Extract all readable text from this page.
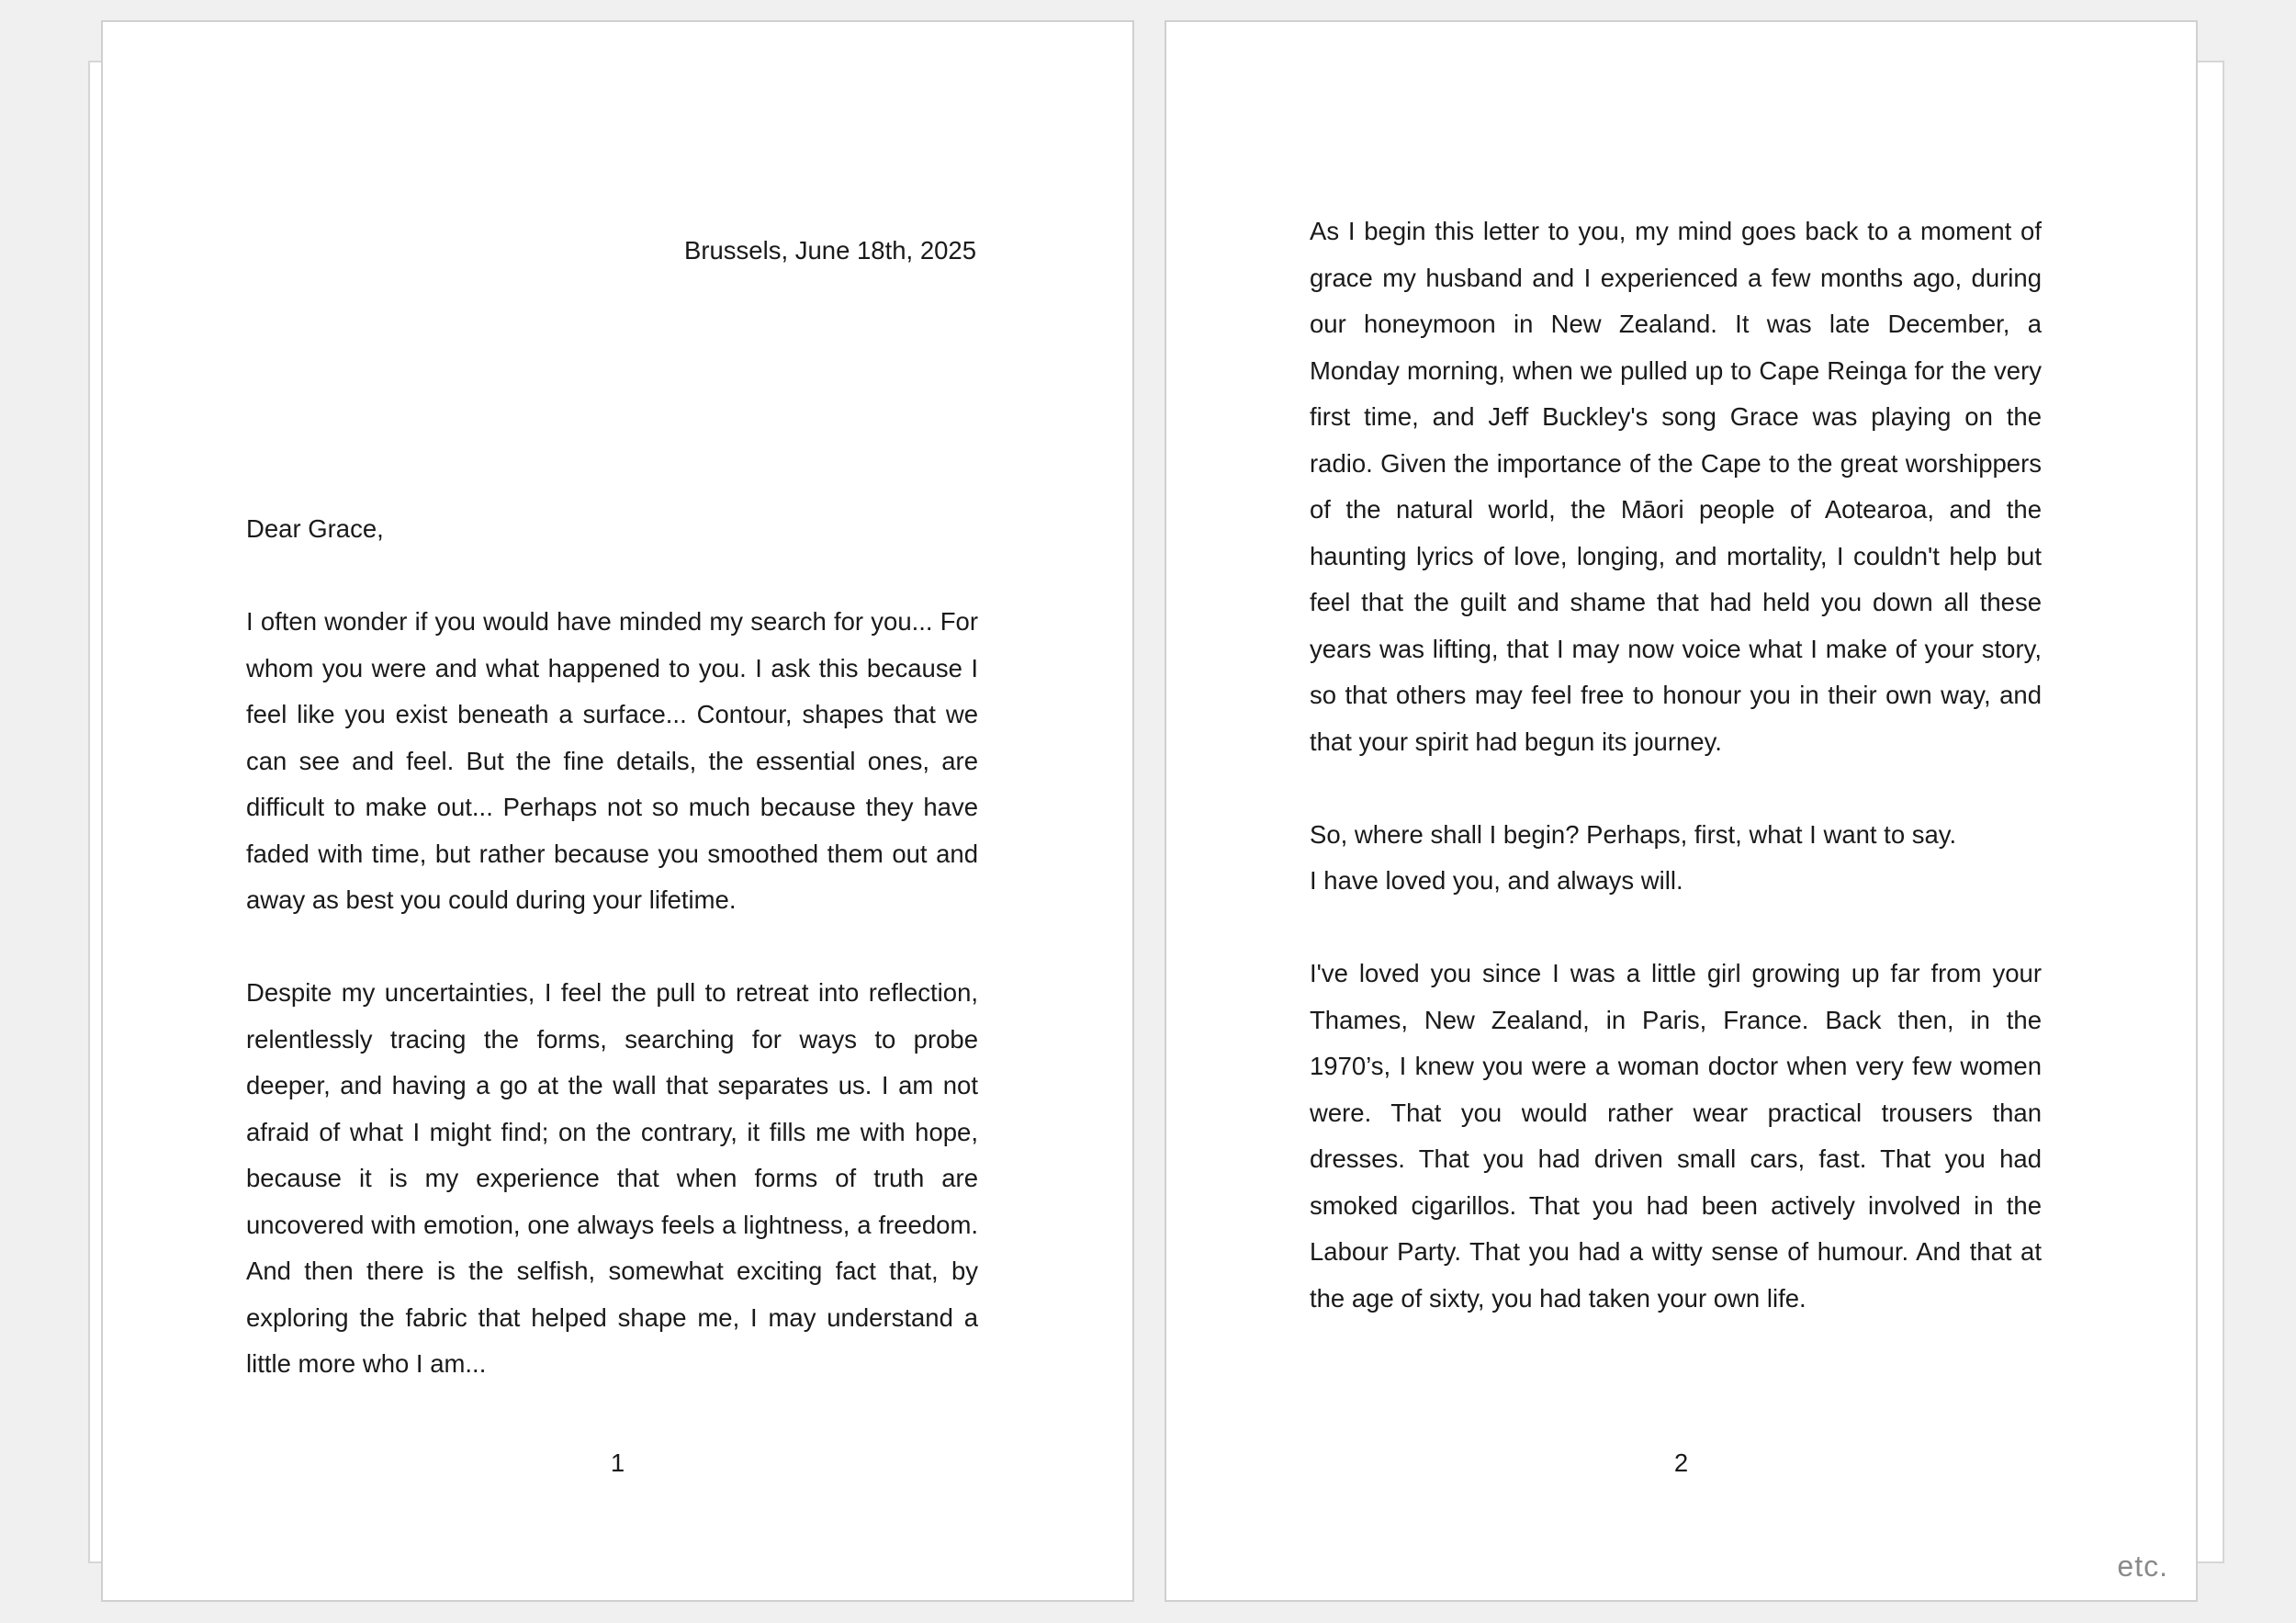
Brussels, June 18th, 2025

Dear Grace,

I often wonder if you would have minded my search for you... For whom you were and what happened to you. I ask this because I feel like you exist beneath a surface... Contour, shapes that we can see and feel. But the fine details, the essential ones, are difficult to make out... Perhaps not so much because they have faded with time, but rather because you smoothed them out and away as best you could during your lifetime.

Despite my uncertainties, I feel the pull to retreat into reflection, relentlessly tracing the forms, searching for ways to probe deeper, and having a go at the wall that separates us. I am not afraid of what I might find; on the contrary, it fills me with hope, because it is my experience that when forms of truth are uncovered with emotion, one always feels a lightness, a freedom. And then there is the selfish, somewhat exciting fact that, by exploring the fabric that helped shape me, I may understand a little more who I am...

1

As I begin this letter to you, my mind goes back to a moment of grace my husband and I experienced a few months ago, during our honeymoon in New Zealand. It was late December, a Monday morning, when we pulled up to Cape Reinga for the very first time, and Jeff Buckley's song Grace was playing on the radio. Given the importance of the Cape to the great worshippers of the natural world, the Māori people of Aotearoa, and the haunting lyrics of love, longing, and mortality, I couldn't help but feel that the guilt and shame that had held you down all these years was lifting, that I may now voice what I make of your story, so that others may feel free to honour you in their own way, and that your spirit had begun its journey.

So, where shall I begin? Perhaps, first, what I want to say.

I have loved you, and always will.

I've loved you since I was a little girl growing up far from your Thames, New Zealand, in Paris, France. Back then, in the 1970’s, I knew you were a woman doctor when very few women were. That you would rather wear practical trousers than dresses. That you had driven small cars, fast. That you had smoked cigarillos. That you had been actively involved in the Labour Party. That you had a witty sense of humour. And that at the age of sixty, you had taken your own life.

2
etc.
